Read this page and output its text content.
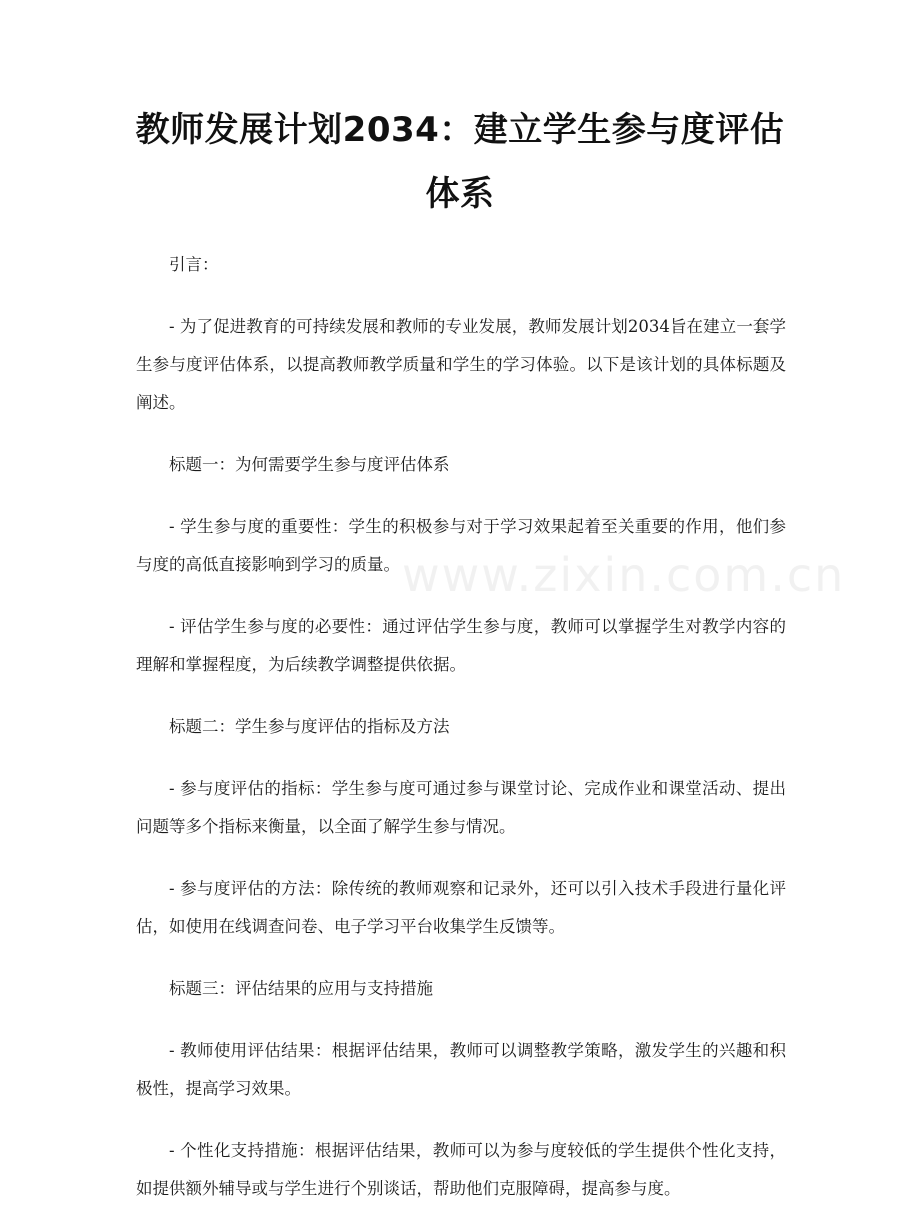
教师发展计划2034：建立学生参与度评估体系

引言：

- 为了促进教育的可持续发展和教师的专业发展，教师发展计划2034旨在建立一套学生参与度评估体系，以提高教师教学质量和学生的学习体验。以下是该计划的具体标题及阐述。

标题一：为何需要学生参与度评估体系

- 学生参与度的重要性：学生的积极参与对于学习效果起着至关重要的作用，他们参与度的高低直接影响到学习的质量。

- 评估学生参与度的必要性：通过评估学生参与度，教师可以掌握学生对教学内容的理解和掌握程度，为后续教学调整提供依据。

标题二：学生参与度评估的指标及方法

- 参与度评估的指标：学生参与度可通过参与课堂讨论、完成作业和课堂活动、提出问题等多个指标来衡量，以全面了解学生参与情况。

- 参与度评估的方法：除传统的教师观察和记录外，还可以引入技术手段进行量化评估，如使用在线调查问卷、电子学习平台收集学生反馈等。

标题三：评估结果的应用与支持措施

- 教师使用评估结果：根据评估结果，教师可以调整教学策略，激发学生的兴趣和积极性，提高学习效果。

- 个性化支持措施：根据评估结果，教师可以为参与度较低的学生提供个性化支持，如提供额外辅导或与学生进行个别谈话，帮助他们克服障碍，提高参与度。

www.zixin.com.cn
